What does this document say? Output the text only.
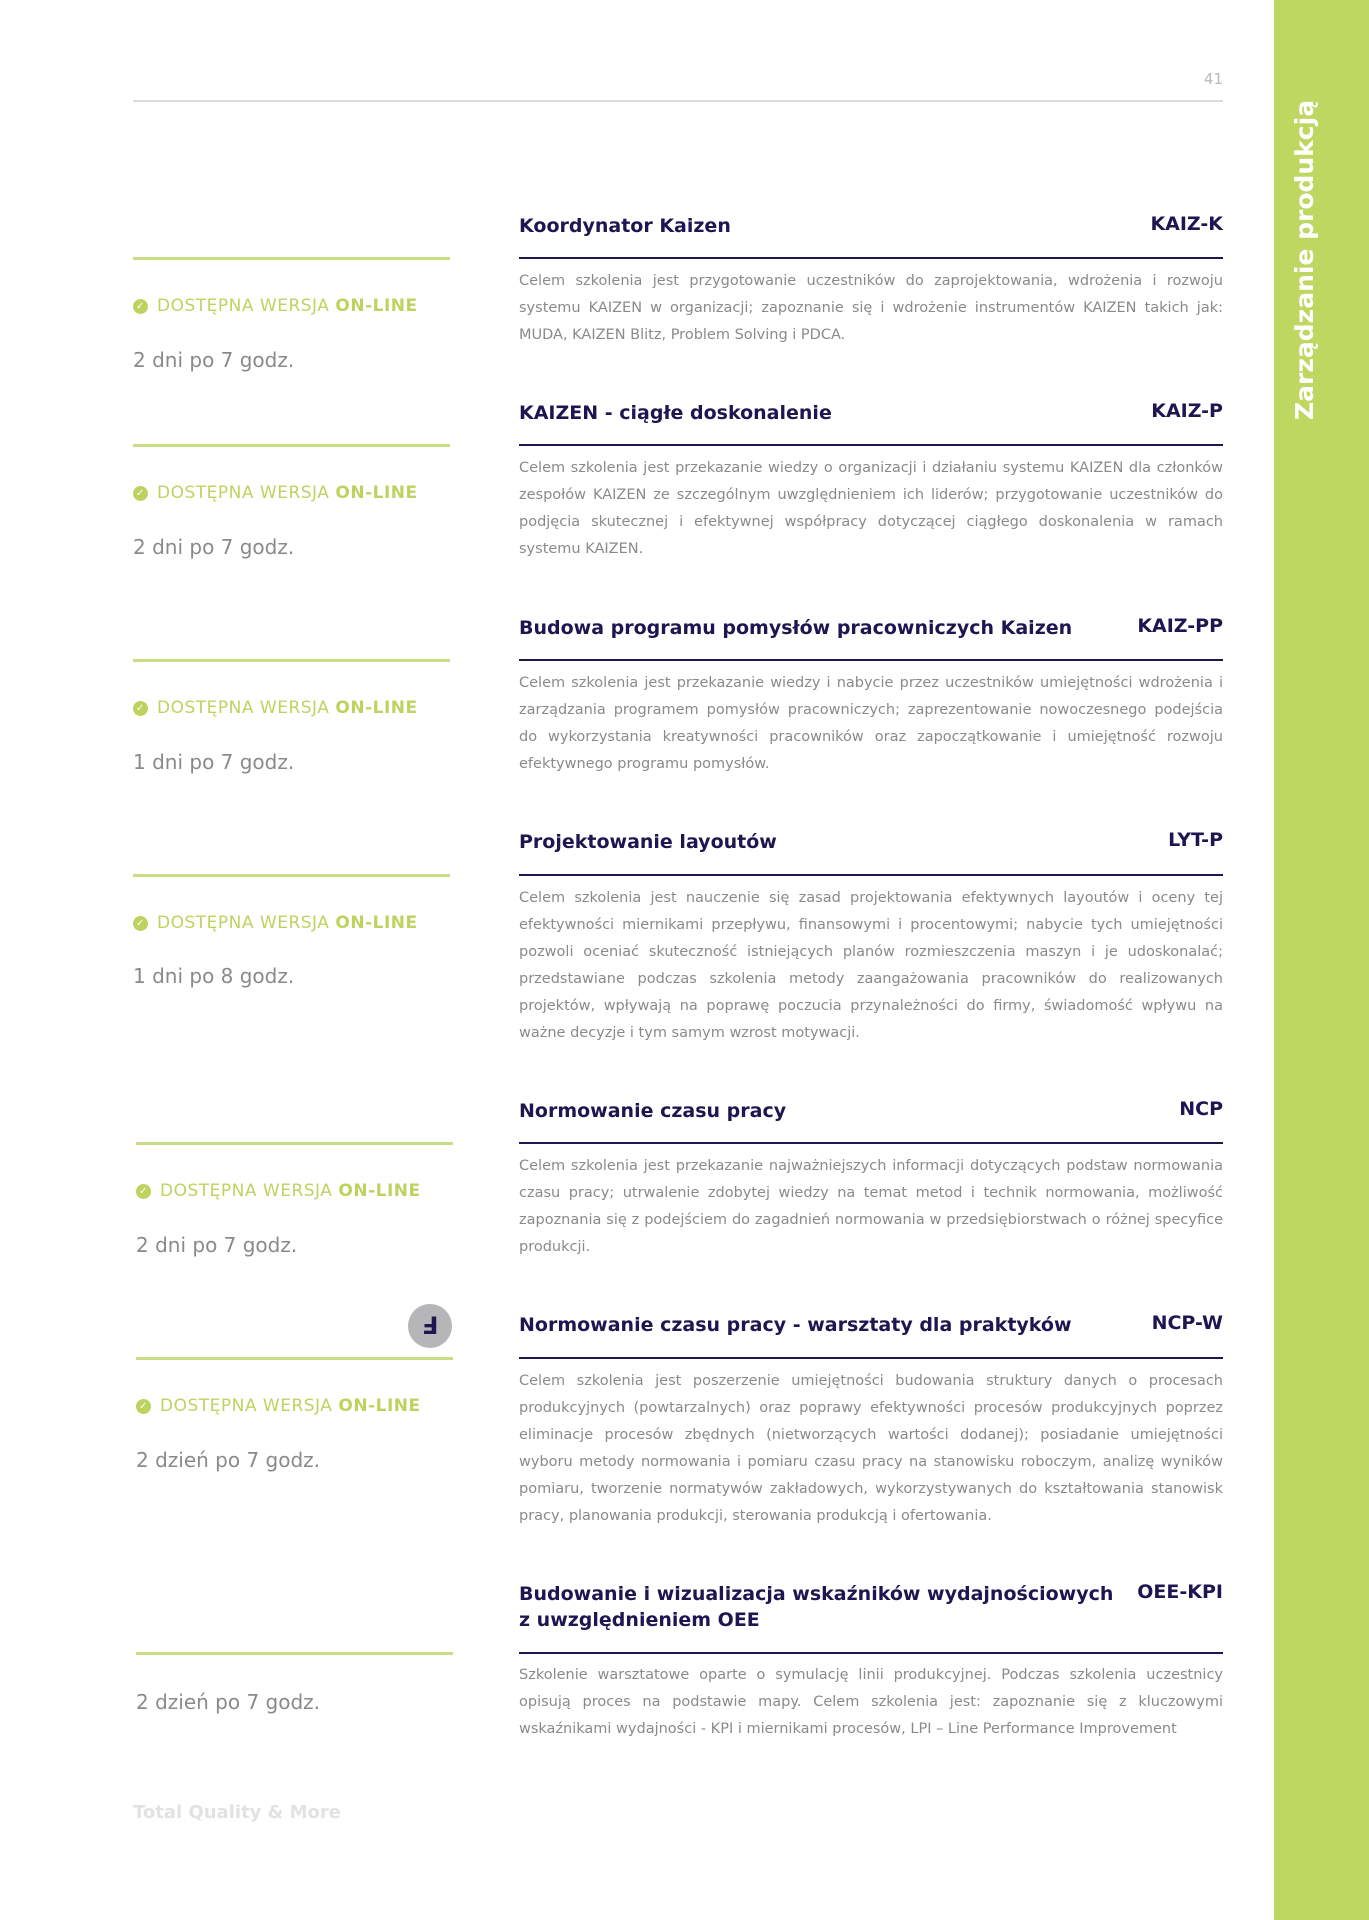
41
Zarządzanie produkcją
Koordynator Kaizen	KAIZ-K

Celem szkolenia jest przygotowanie uczestników do zaprojektowania, wdrożenia i rozwoju systemu KAIZEN w organizacji; zapoznanie się i wdrożenie instrumentów KAIZEN takich jak: MUDA, KAIZEN Blitz, Problem Solving i PDCA.

✓ DOSTĘPNA WERSJA ON-LINE
2 dni po 7 godz.
KAIZEN - ciągłe doskonalenie	KAIZ-P

Celem szkolenia jest przekazanie wiedzy o organizacji i działaniu systemu KAIZEN dla członków zespołów KAIZEN ze szczególnym uwzględnieniem ich liderów; przygotowanie uczestników do podjęcia skutecznej i efektywnej współpracy dotyczącej ciągłego doskonalenia w ramach systemu KAIZEN.

✓ DOSTĘPNA WERSJA ON-LINE
2 dni po 7 godz.
Budowa programu pomysłów pracowniczych Kaizen	KAIZ-PP

Celem szkolenia jest przekazanie wiedzy i nabycie przez uczestników umiejętności wdrożenia i zarządzania programem pomysłów pracowniczych; zaprezentowanie nowoczesnego podejścia do wykorzystania kreatywności pracowników oraz zapoczątkowanie i umiejętność rozwoju efektywnego programu pomysłów.

✓ DOSTĘPNA WERSJA ON-LINE
1 dni po 7 godz.
Projektowanie layoutów	LYT-P

Celem szkolenia jest nauczenie się zasad projektowania efektywnych layoutów i oceny tej efektywności miernikami przepływu, finansowymi i procentowymi; nabycie tych umiejętności pozwoli oceniać skuteczność istniejących planów rozmieszczenia maszyn i je udoskonalać; przedstawiane podczas szkolenia metody zaangażowania pracowników do realizowanych projektów, wpływają na poprawę poczucia przynależności do firmy, świadomość wpływu na ważne decyzje i tym samym wzrost motywacji.

✓ DOSTĘPNA WERSJA ON-LINE
1 dni po 8 godz.
Normowanie czasu pracy	NCP

Celem szkolenia jest przekazanie najważniejszych informacji dotyczących podstaw normowania czasu pracy; utrwalenie zdobytej wiedzy na temat metod i technik normowania, możliwość zapoznania się z podejściem do zagadnień normowania w przedsiębiorstwach o różnej specyfice produkcji.

✓ DOSTĘPNA WERSJA ON-LINE
2 dni po 7 godz.
Normowanie czasu pracy - warsztaty dla praktyków	NCP-W

Celem szkolenia jest poszerzenie umiejętności budowania struktury danych o procesach produkcyjnych (powtarzalnych) oraz poprawy efektywności procesów produkcyjnych poprzez eliminacje procesów zbędnych (nietworzących wartości dodanej); posiadanie umiejętności wyboru metody normowania i pomiaru czasu pracy na stanowisku roboczym, analizę wyników pomiaru, tworzenie normatywów zakładowych, wykorzystywanych do kształtowania stanowisk pracy, planowania produkcji, sterowania produkcją i ofertowania.

Ⅎ
✓ DOSTĘPNA WERSJA ON-LINE
2 dzień po 7 godz.
Budowanie i wizualizacja wskaźników wydajnościowych z uwzględnieniem OEE
OEE-KPI

Szkolenie warsztatowe oparte o symulację linii produkcyjnej. Podczas szkolenia uczestnicy opisują proces na podstawie mapy. Celem szkolenia jest: zapoznanie się z kluczowymi wskaźnikami wydajności - KPI i miernikami procesów, LPI – Line Performance Improvement

2 dzień po 7 godz.
Total Quality & More
